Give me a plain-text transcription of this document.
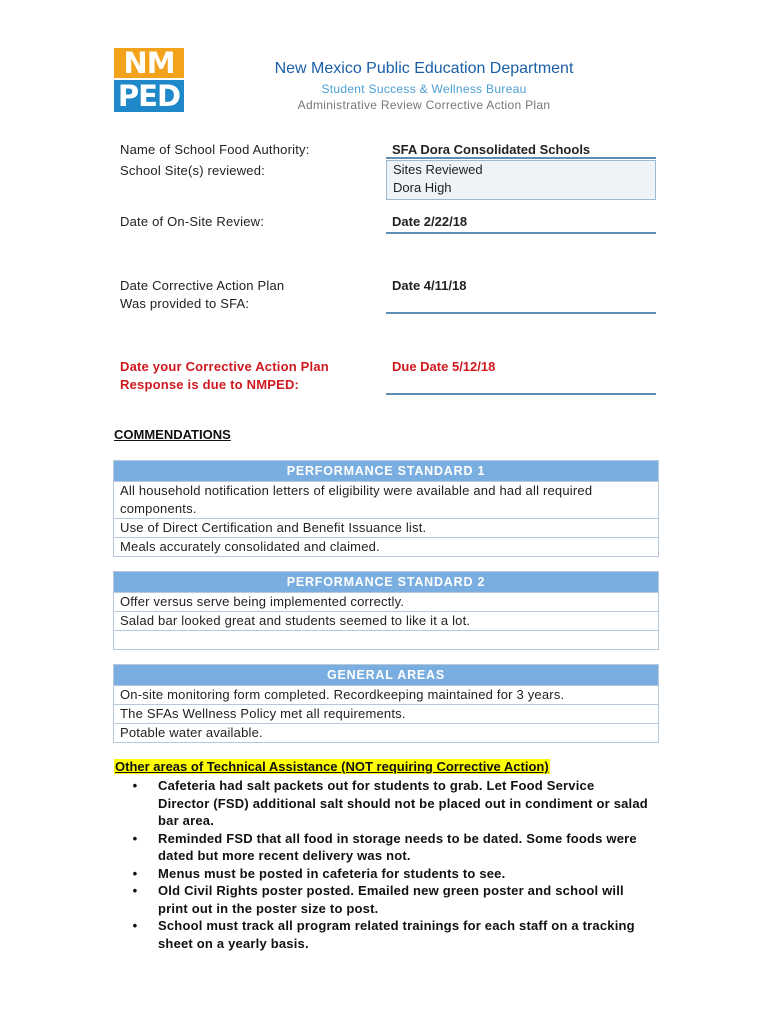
NM
PED
New Mexico Public Education Department
Student Success & Wellness Bureau
Administrative Review Corrective Action Plan
Name of School Food Authority:	SFA Dora Consolidated Schools
School Site(s) reviewed:	Sites Reviewed
Dora High
Date of On-Site Review:	Date 2/22/18
Date Corrective Action Plan
Was provided to SFA:
Date 4/11/18
Date your Corrective Action Plan
Response is due to NMPED:
Due Date 5/12/18
COMMENDATIONS
PERFORMANCE STANDARD 1
All household notification letters of eligibility were available and had all required components.
Use of Direct Certification and Benefit Issuance list.
Meals accurately consolidated and claimed.
PERFORMANCE STANDARD 2
Offer versus serve being implemented correctly.
Salad bar looked great and students seemed to like it a lot.
GENERAL AREAS
On-site monitoring form completed. Recordkeeping maintained for 3 years.
The SFAs Wellness Policy met all requirements.
Potable water available.
Other areas of Technical Assistance (NOT requiring Corrective Action)
•	Cafeteria had salt packets out for students to grab. Let Food Service Director (FSD) additional salt should not be placed out in condiment or salad bar area.
•	Reminded FSD that all food in storage needs to be dated. Some foods were dated but more recent delivery was not.
•	Menus must be posted in cafeteria for students to see.
•	Old Civil Rights poster posted. Emailed new green poster and school will print out in the poster size to post.
•	School must track all program related trainings for each staff on a tracking sheet on a yearly basis.
